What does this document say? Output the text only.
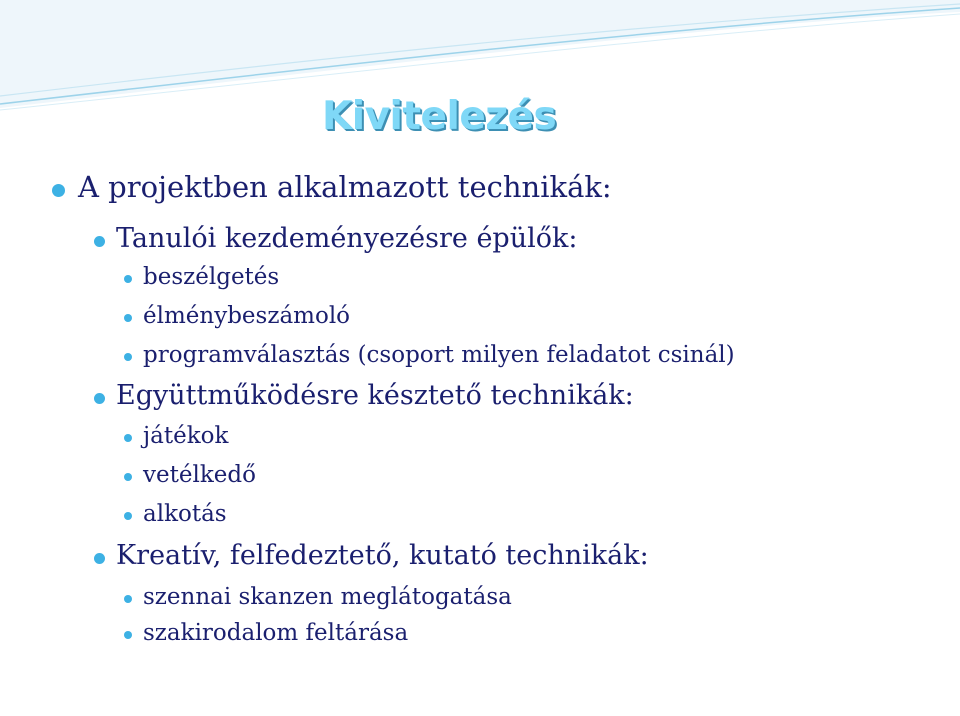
Kivitelezés
A projektben alkalmazott technikák:
Tanulói kezdeményezésre épülők:
beszélgetés
élménybeszámoló
programválasztás (csoport milyen feladatot csinál)
Együttműködésre késztető technikák:
játékok
vetélkedő
alkotás
Kreatív, felfedeztető, kutató technikák:
szennai skanzen meglátogatása
szakirodalom feltárása
